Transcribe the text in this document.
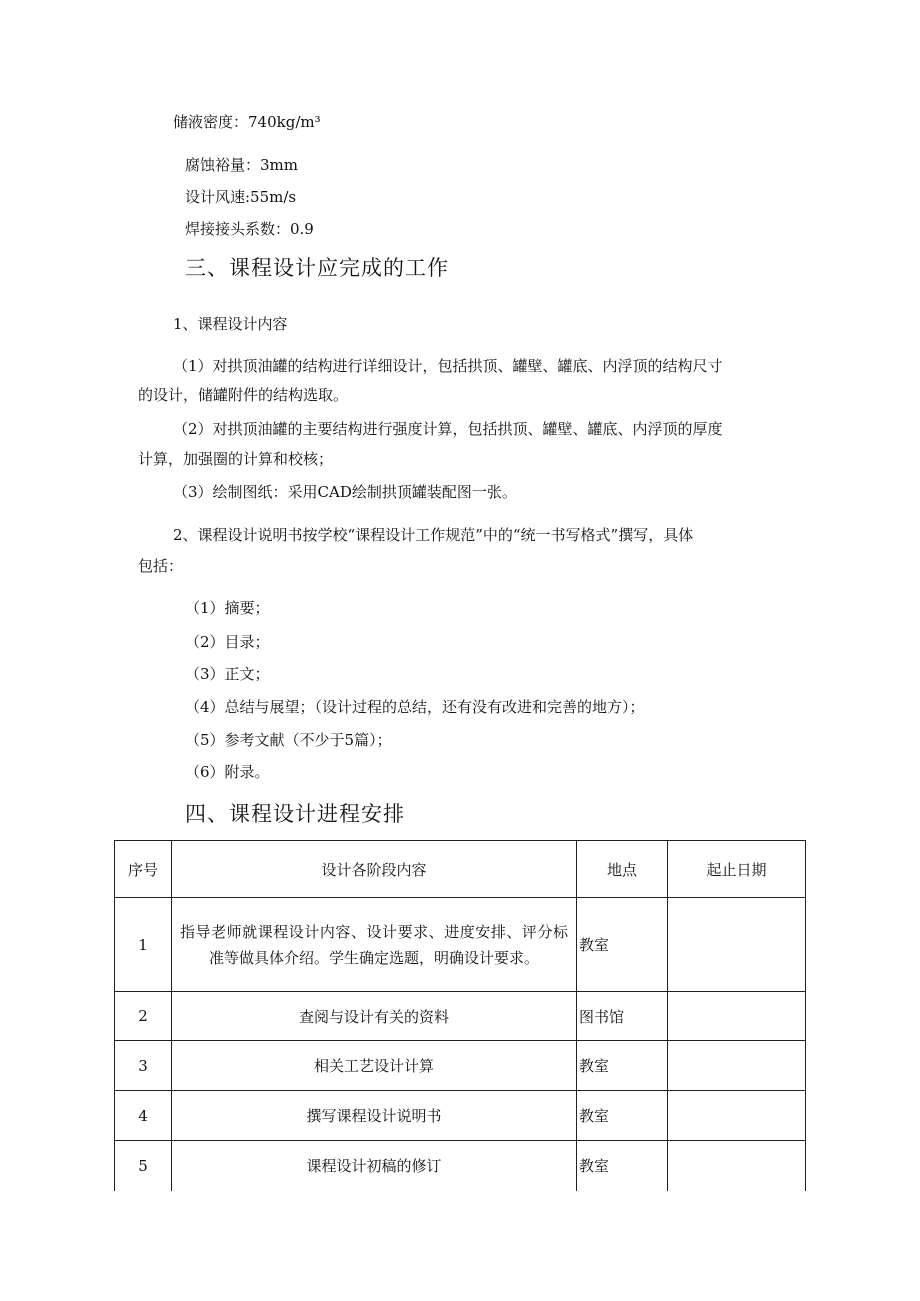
储液密度：740kg/m³
腐蚀裕量：3mm
设计风速:55m/s
焊接接头系数：0.9
三、课程设计应完成的工作
1、课程设计内容
（1）对拱顶油罐的结构进行详细设计，包括拱顶、罐壁、罐底、内浮顶的结构尺寸
的设计，储罐附件的结构选取。
（2）对拱顶油罐的主要结构进行强度计算，包括拱顶、罐壁、罐底、内浮顶的厚度
计算，加强圈的计算和校核；
（3）绘制图纸：采用CAD绘制拱顶罐装配图一张。
2、课程设计说明书按学校“课程设计工作规范”中的“统一书写格式”撰写，具体
包括：
（1）摘要；
（2）目录；
（3）正文；
（4）总结与展望；（设计过程的总结，还有没有改进和完善的地方）；
（5）参考文献（不少于5篇）；
（6）附录。
四、课程设计进程安排
序号	设计各阶段内容	地点	起止日期
1	指导老师就课程设计内容、设计要求、进度安排、评分标准等做具体介绍。学生确定选题，明确设计要求。	教室	
2	查阅与设计有关的资料	图书馆	
3	相关工艺设计计算	教室	
4	撰写课程设计说明书	教室	
5	课程设计初稿的修订	教室	
